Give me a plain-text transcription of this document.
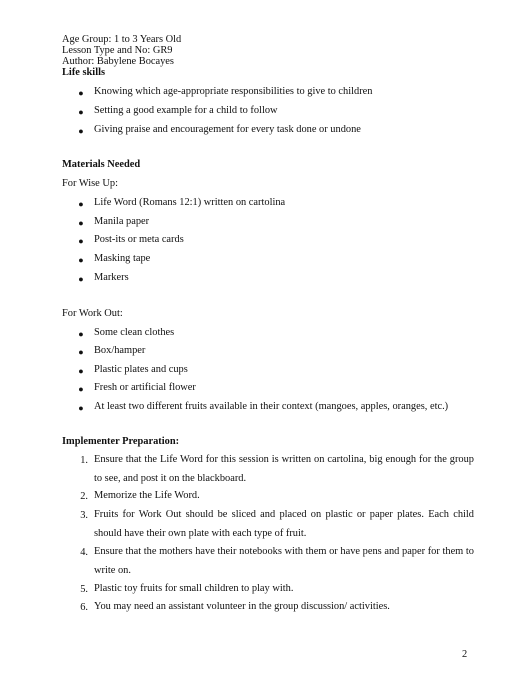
Age Group: 1 to 3 Years Old
Lesson Type and No: GR9
Author: Babylene Bocayes
Life skills
● Knowing which age-appropriate responsibilities to give to children
● Setting a good example for a child to follow
● Giving praise and encouragement for every task done or undone
Materials Needed
For Wise Up:
● Life Word (Romans 12:1) written on cartolina
● Manila paper
● Post-its or meta cards
● Masking tape
● Markers
For Work Out:
● Some clean clothes
● Box/hamper
● Plastic plates and cups
● Fresh or artificial flower
● At least two different fruits available in their context (mangoes, apples, oranges, etc.)
Implementer Preparation:
1. Ensure that the Life Word for this session is written on cartolina, big enough for the group to see, and post it on the blackboard.
2. Memorize the Life Word.
3. Fruits for Work Out should be sliced and placed on plastic or paper plates. Each child should have their own plate with each type of fruit.
4. Ensure that the mothers have their notebooks with them or have pens and paper for them to write on.
5. Plastic toy fruits for small children to play with.
6. You may need an assistant volunteer in the group discussion/ activities.
2
